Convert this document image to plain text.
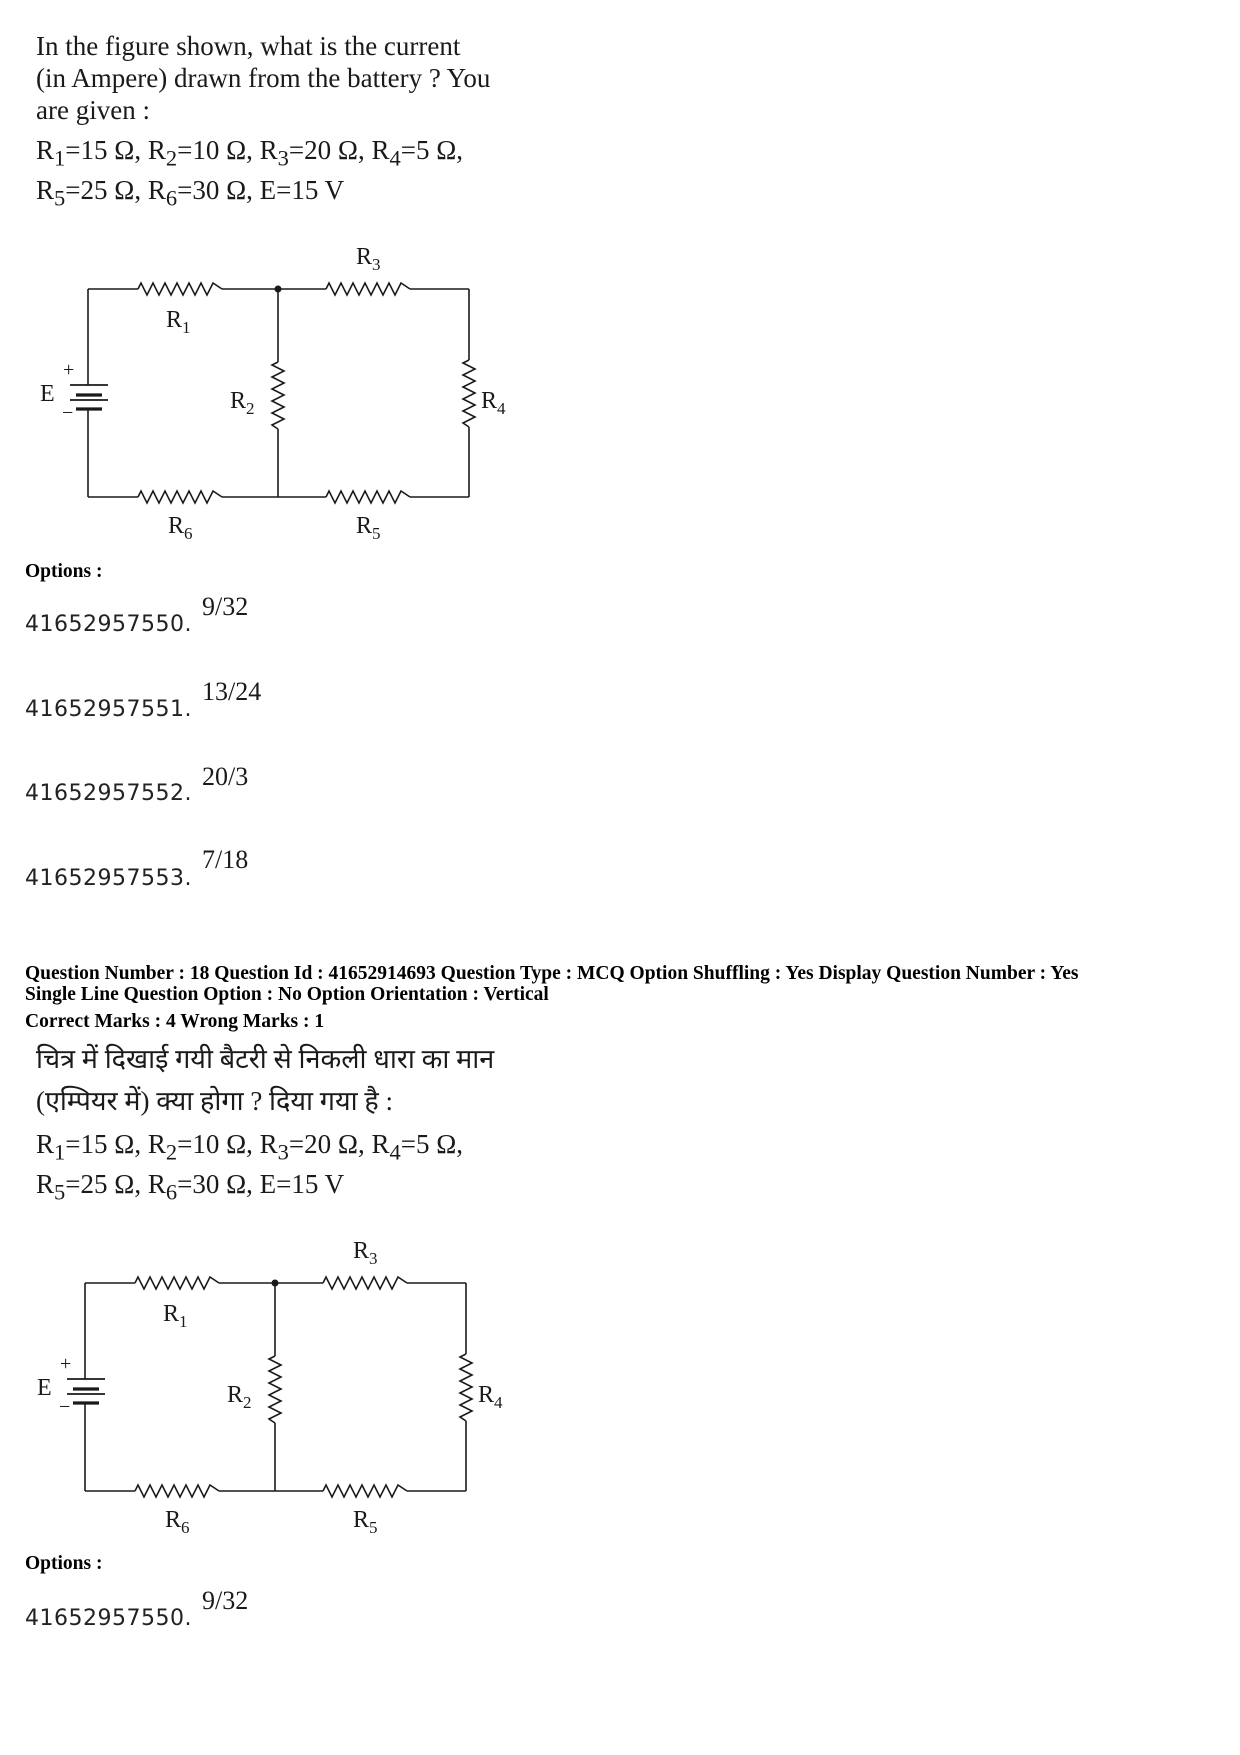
In the figure shown, what is the current
(in Ampere) drawn from the battery ? You
are given :
$R_1=15$ Ω, $R_2=10$ Ω, $R_3=20$ Ω, $R_4=5$ Ω,
$R_5=25$ Ω, $R_6=30$ Ω, E=15 V
$R_1$
$R_3$
$R_2$	$R_4$
$R_6$	$R_5$
E
+
−
Options :
41652957550.
9/32
41652957551.
13/24
41652957552.
20/3
41652957553.
7/18
Question Number : 18 Question Id : 41652914693 Question Type : MCQ Option Shuffling : Yes Display Question Number : Yes
Single Line Question Option : No Option Orientation : Vertical
Correct Marks : 4 Wrong Marks : 1
चित्र में दिखाई गयी बैटरी से निकली धारा का मान
(एम्पियर में) क्या होगा ? दिया गया है :
$R_1=15$ Ω, $R_2=10$ Ω, $R_3=20$ Ω, $R_4=5$ Ω,
$R_5=25$ Ω, $R_6=30$ Ω, E=15 V
$R_1$
$R_3$
$R_2$	$R_4$
$R_6$	$R_5$
E
+
−
Options :
41652957550.
9/32
